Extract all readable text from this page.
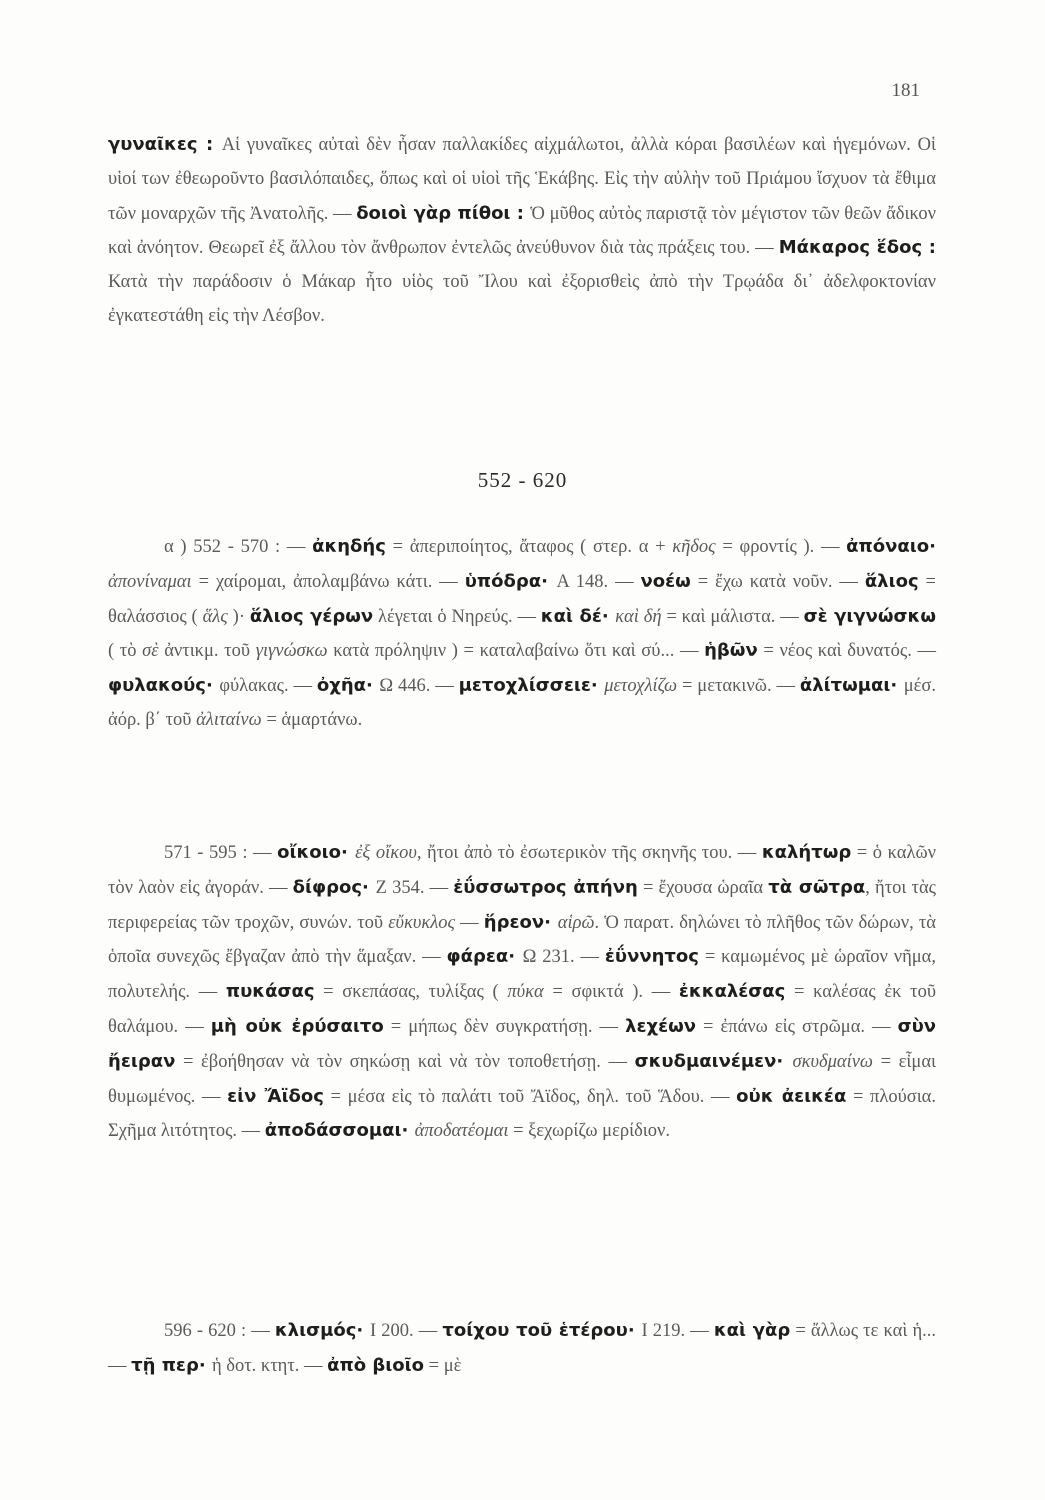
181

γυναῖκες : Αἱ γυναῖκες αὐταὶ δὲν ἦσαν παλλακίδες αἰχμάλωτοι, ἀλλὰ κόραι βασιλέων καὶ ἡγεμόνων. Οἱ υἱοί των ἐθεωροῦντο βασιλόπαιδες, ὅπως καὶ οἱ υἱοὶ τῆς Ἑκάβης. Εἰς τὴν αὐλὴν τοῦ Πριάμου ἴσχυον τὰ ἔθιμα τῶν μοναρχῶν τῆς Ἀνατολῆς. — δοιοὶ γὰρ πίθοι : Ὁ μῦθος αὐτὸς παριστᾷ τὸν μέγιστον τῶν θεῶν ἄδικον καὶ ἀνόητον. Θεωρεῖ ἐξ ἄλλου τὸν ἄνθρωπον ἐντελῶς ἀνεύθυνον διὰ τὰς πράξεις του. — Μάκαρος ἕδος : Κατὰ τὴν παράδοσιν ὁ Μάκαρ ἦτο υἱὸς τοῦ Ἴλου καὶ ἐξορισθεὶς ἀπὸ τὴν Τρῳάδα δι᾽ ἀδελφοκτονίαν ἐγκατεστάθη εἰς τὴν Λέσβον.

552 - 620

α ) 552 - 570 : — ἀκηδής = ἀπεριποίητος, ἄταφος ( στερ. α + κῆδος = φροντίς ). — ἀπόναιο· ἀπονίναμαι = χαίρομαι, ἀπολαμβάνω κάτι. — ὑπόδρα· Α 148. — νοέω = ἔχω κατὰ νοῦν. — ἅλιος = θαλάσσιος ( ἅλς )· ἅλιος γέρων λέγεται ὁ Νηρεύς. — καὶ δέ· καὶ δή = καὶ μάλιστα. — σὲ γιγνώσκω ( τὸ σὲ ἀντικμ. τοῦ γιγνώσκω κατὰ πρόληψιν ) = καταλαβαίνω ὅτι καὶ σύ... — ἡβῶν = νέος καὶ δυνατός. — φυλακούς· φύλακας. — ὀχῆα· Ω 446. — μετοχλίσσειε· μετοχλίζω = μετακινῶ. — ἀλίτωμαι· μέσ. ἀόρ. β΄ τοῦ ἀλιταίνω = ἁμαρτάνω.

571 - 595 : — οἴκοιο· ἐξ οἴκου, ἤτοι ἀπὸ τὸ ἐσωτερικὸν τῆς σκηνῆς του. — καλήτωρ = ὁ καλῶν τὸν λαὸν εἰς ἀγοράν. — δίφρος· Ζ 354. — ἐΰσσωτρος ἀπήνη = ἔχουσα ὡραῖα τὰ σῶτρα, ἤτοι τὰς περιφερείας τῶν τροχῶν, συνών. τοῦ εὔκυκλος — ἥρεον· αἱρῶ. Ὁ παρατ. δηλώνει τὸ πλῆθος τῶν δώρων, τὰ ὁποῖα συνεχῶς ἔβγαζαν ἀπὸ τὴν ἅμαξαν. — φάρεα· Ω 231. — ἐΰννητος = καμωμένος μὲ ὡραῖον νῆμα, πολυτελής. — πυκάσας = σκεπάσας, τυλίξας ( πύκα = σφικτά ). — ἐκκαλέσας = καλέσας ἐκ τοῦ θαλάμου. — μὴ οὐκ ἐρύσαιτο = μήπως δὲν συγκρατήσῃ. — λεχέων = ἐπάνω εἰς στρῶμα. — σὺν ἤειραν = ἐβοήθησαν νὰ τὸν σηκώσῃ καὶ νὰ τὸν τοποθετήσῃ. — σκυδμαινέμεν· σκυδμαίνω = εἶμαι θυμωμένος. — εἰν Ἄϊδος = μέσα εἰς τὸ παλάτι τοῦ Ἄϊδος, δηλ. τοῦ Ἅδου. — οὐκ ἀεικέα = πλούσια. Σχῆμα λιτότητος. — ἀποδάσσομαι· ἀποδατέομαι = ξεχωρίζω μερίδιον.

596 - 620 : — κλισμός· Ι 200. — τοίχου τοῦ ἑτέρου· Ι 219. — καὶ γὰρ = ἄλλως τε καὶ ἡ... — τῇ περ· ἡ δοτ. κτητ. — ἀπὸ βιοῖο = μὲ
